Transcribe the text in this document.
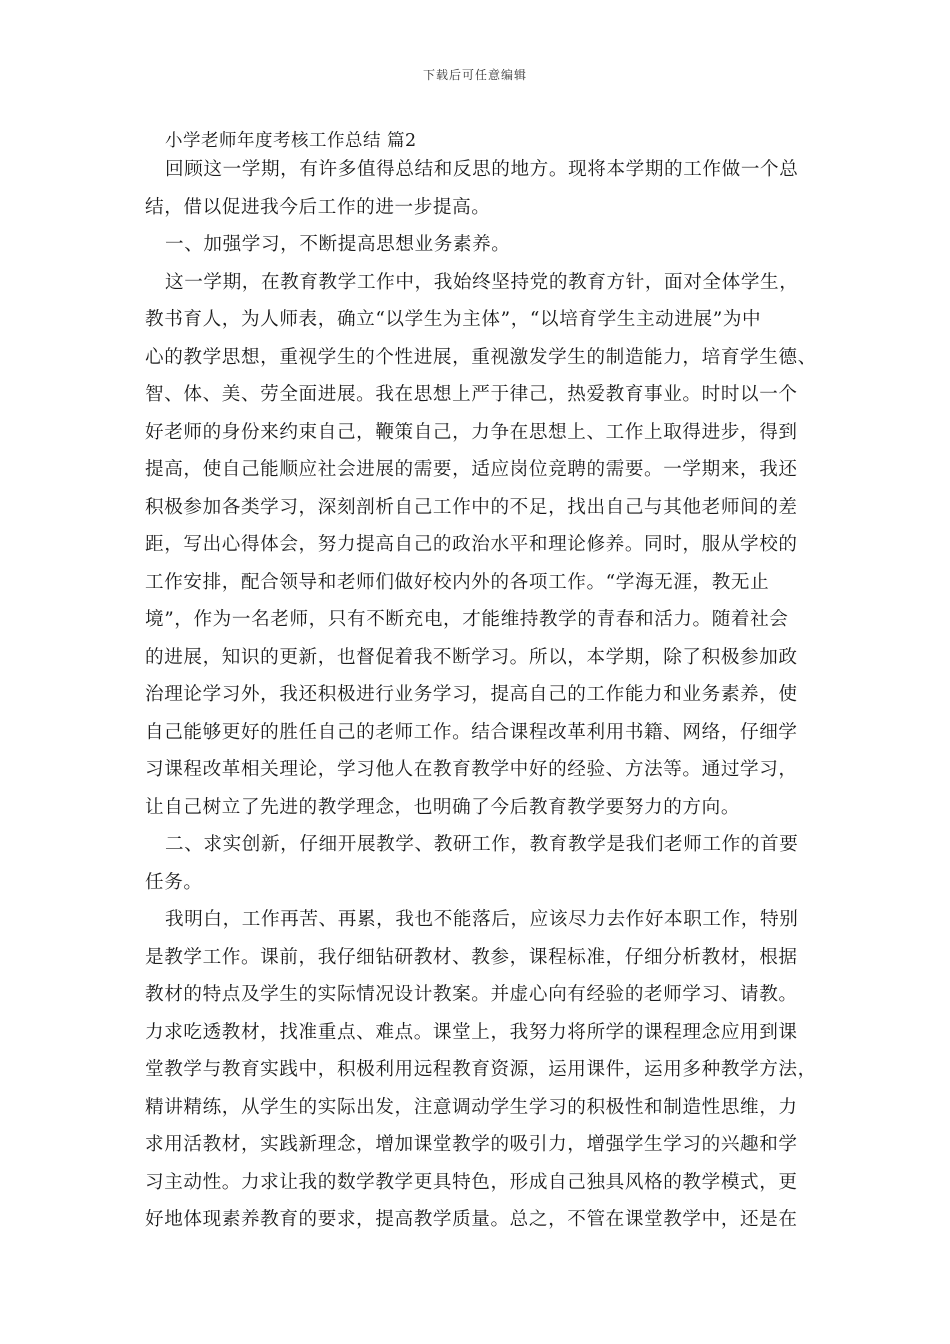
下载后可任意编辑
小学老师年度考核工作总结 篇2
回顾这一学期，有许多值得总结和反思的地方。现将本学期的工作做一个总
结，借以促进我今后工作的进一步提高。
一、加强学习，不断提高思想业务素养。
这一学期，在教育教学工作中，我始终坚持党的教育方针，面对全体学生，
教书育人，为人师表，确立“以学生为主体”，“以培育学生主动进展”为中
心的教学思想，重视学生的个性进展，重视激发学生的制造能力，培育学生德、
智、体、美、劳全面进展。我在思想上严于律己，热爱教育事业。时时以一个
好老师的身份来约束自己，鞭策自己，力争在思想上、工作上取得进步，得到
提高，使自己能顺应社会进展的需要，适应岗位竞聘的需要。一学期来，我还
积极参加各类学习，深刻剖析自己工作中的不足，找出自己与其他老师间的差
距，写出心得体会，努力提高自己的政治水平和理论修养。同时，服从学校的
工作安排，配合领导和老师们做好校内外的各项工作。“学海无涯，教无止
境”，作为一名老师，只有不断充电，才能维持教学的青春和活力。随着社会
的进展，知识的更新，也督促着我不断学习。所以，本学期，除了积极参加政
治理论学习外，我还积极进行业务学习，提高自己的工作能力和业务素养，使
自己能够更好的胜任自己的老师工作。结合课程改革利用书籍、网络，仔细学
习课程改革相关理论，学习他人在教育教学中好的经验、方法等。通过学习，
让自己树立了先进的教学理念，也明确了今后教育教学要努力的方向。
二、求实创新，仔细开展教学、教研工作，教育教学是我们老师工作的首要
任务。
我明白，工作再苦、再累，我也不能落后，应该尽力去作好本职工作，特别
是教学工作。课前，我仔细钻研教材、教参，课程标准，仔细分析教材，根据
教材的特点及学生的实际情况设计教案。并虚心向有经验的老师学习、请教。
力求吃透教材，找准重点、难点。课堂上，我努力将所学的课程理念应用到课
堂教学与教育实践中，积极利用远程教育资源，运用课件，运用多种教学方法，
精讲精练，从学生的实际出发，注意调动学生学习的积极性和制造性思维，力
求用活教材，实践新理念，增加课堂教学的吸引力，增强学生学习的兴趣和学
习主动性。力求让我的数学教学更具特色，形成自己独具风格的教学模式，更
好地体现素养教育的要求，提高教学质量。总之，不管在课堂教学中，还是在
